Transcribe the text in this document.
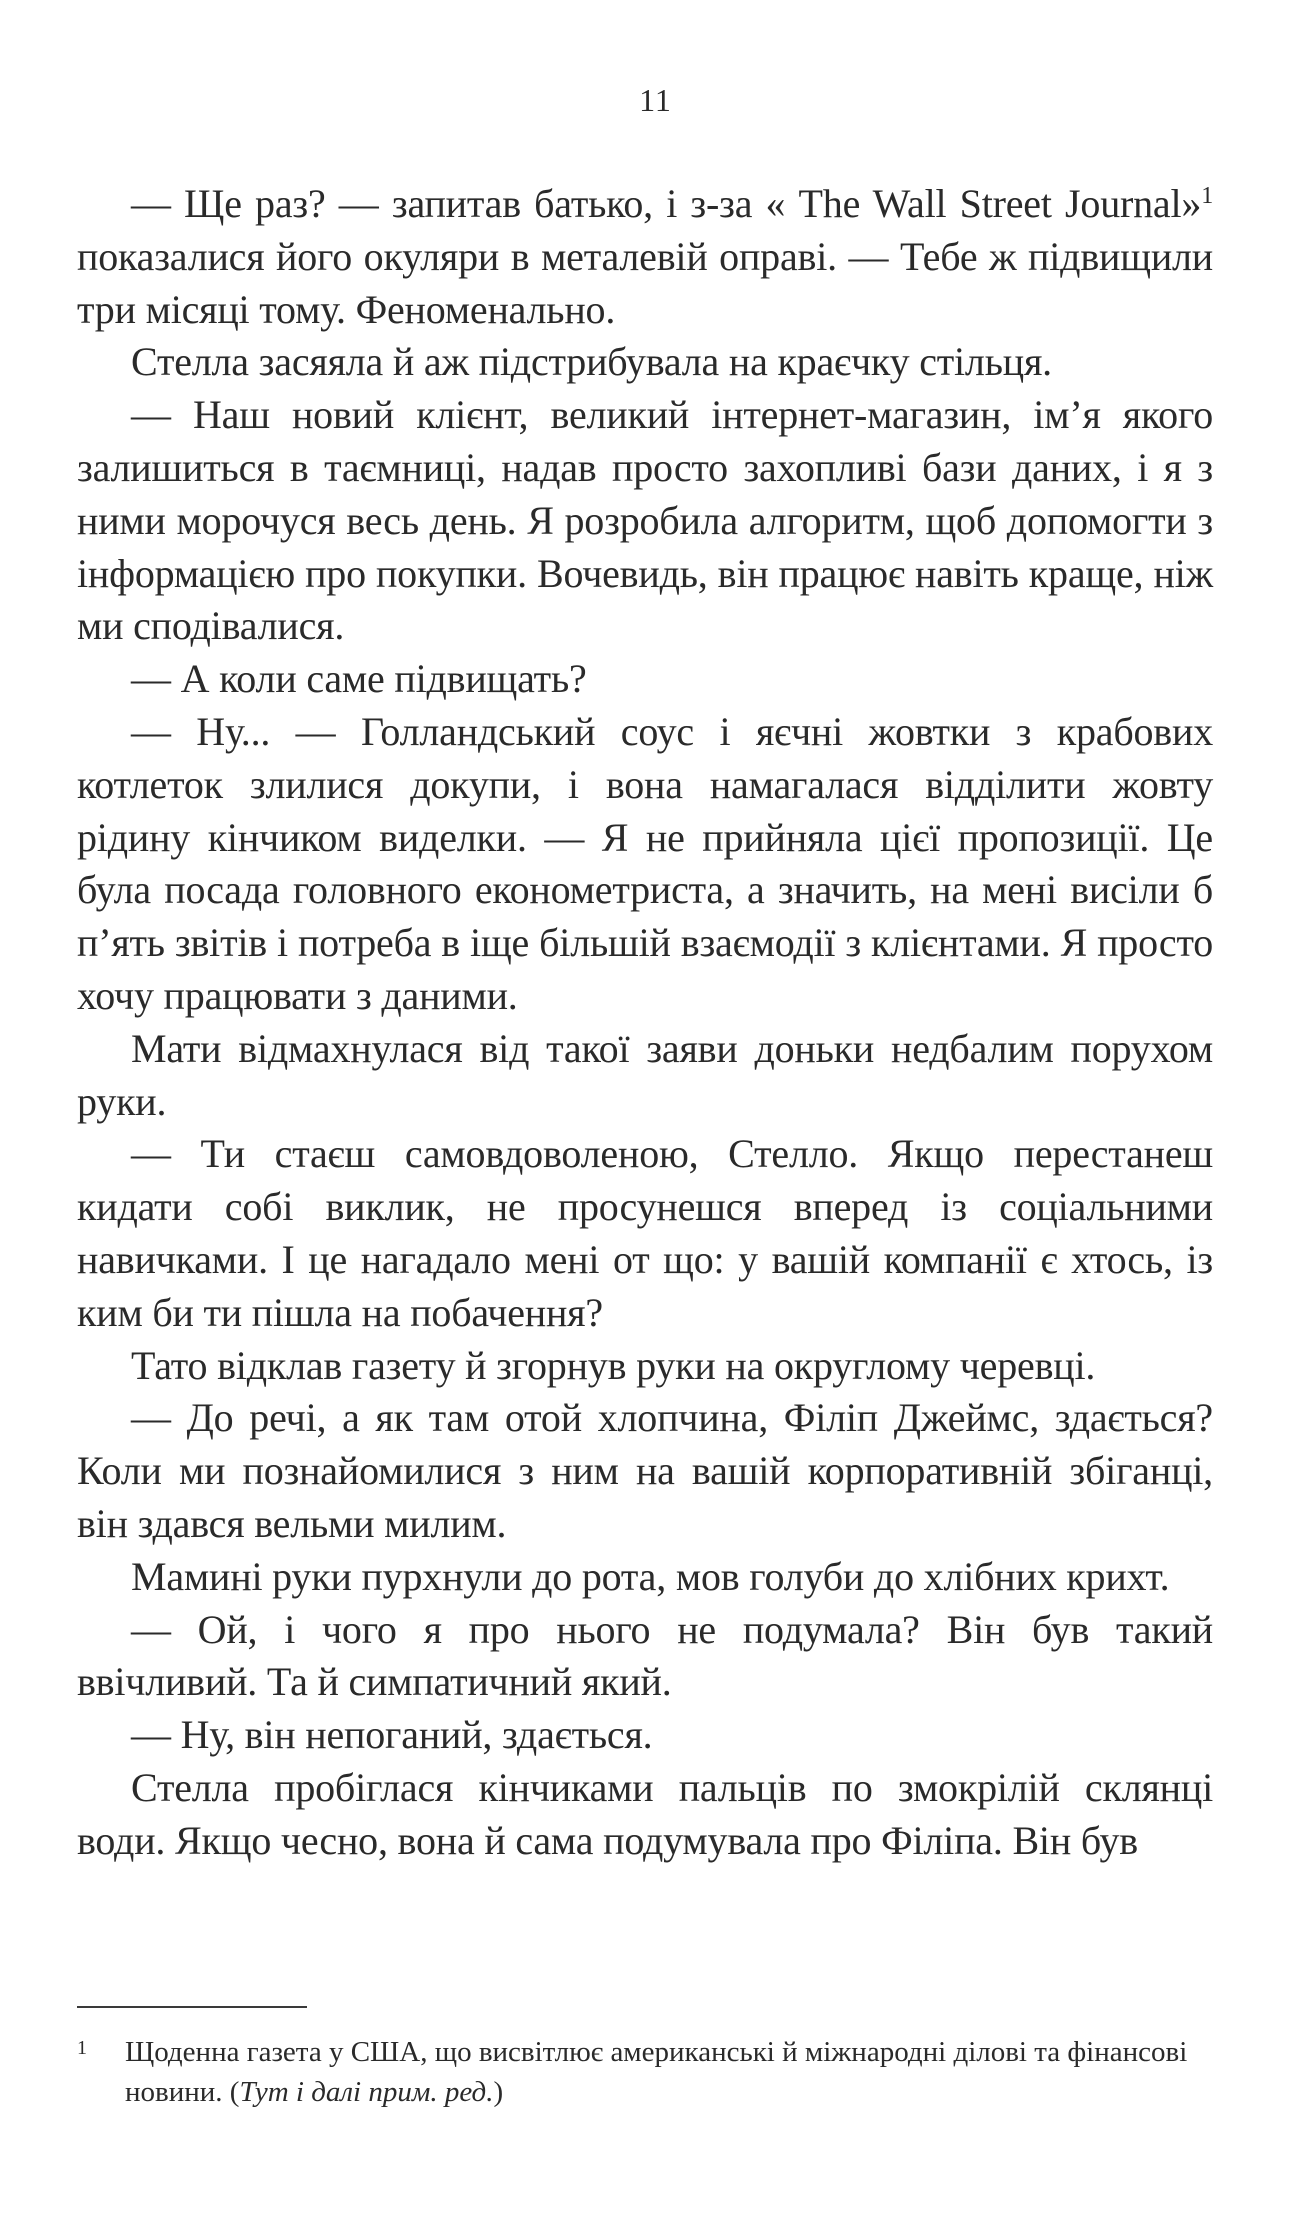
11

— Ще раз? — запитав батько, і з-за « The Wall Street Journal»$^1$ показалися його окуляри в металевій оправі. — Тебе ж підвищили три місяці тому. Феноменально.

Стелла засяяла й аж підстрибувала на краєчку стільця.

— Наш новий клієнт, великий інтернет-магазин, ім’я якого залишиться в таємниці, надав просто захопливі бази даних, і я з ними морочуся весь день. Я розробила алгоритм, щоб допомогти з інформацією про покупки. Вочевидь, він працює навіть краще, ніж ми сподівалися.

— А коли саме підвищать?

— Ну... — Голландський соус і яєчні жовтки з крабових котлеток злилися докупи, і вона намагалася відділити жовту рідину кінчиком виделки. — Я не прийняла цієї пропозиції. Це була посада головного економетриста, а значить, на мені висіли б п’ять звітів і потреба в іще більшій взаємодії з клієнтами. Я просто хочу працювати з даними.

Мати відмахнулася від такої заяви доньки недбалим порухом руки.

— Ти стаєш самовдоволеною, Стелло. Якщо перестанеш кидати собі виклик, не просунешся вперед із соціальними навичками. І це нагадало мені от що: у вашій компанії є хтось, із ким би ти пішла на побачення?

Тато відклав газету й згорнув руки на округлому черевці.

— До речі, а як там отой хлопчина, Філіп Джеймс, здається? Коли ми познайомилися з ним на вашій корпоративній збіганці, він здався вельми милим.

Мамині руки пурхнули до рота, мов голуби до хлібних крихт.

— Ой, і чого я про нього не подумала? Він був такий ввічливий. Та й симпатичний який.

— Ну, він непоганий, здається.

Стелла пробіглася кінчиками пальців по змокрілій склянці води. Якщо чесно, вона й сама подумувала про Філіпа. Він був

1 Щоденна газета у США, що висвітлює американські й міжнародні ділові та фінансові новини. (Тут і далі прим. ред.)
